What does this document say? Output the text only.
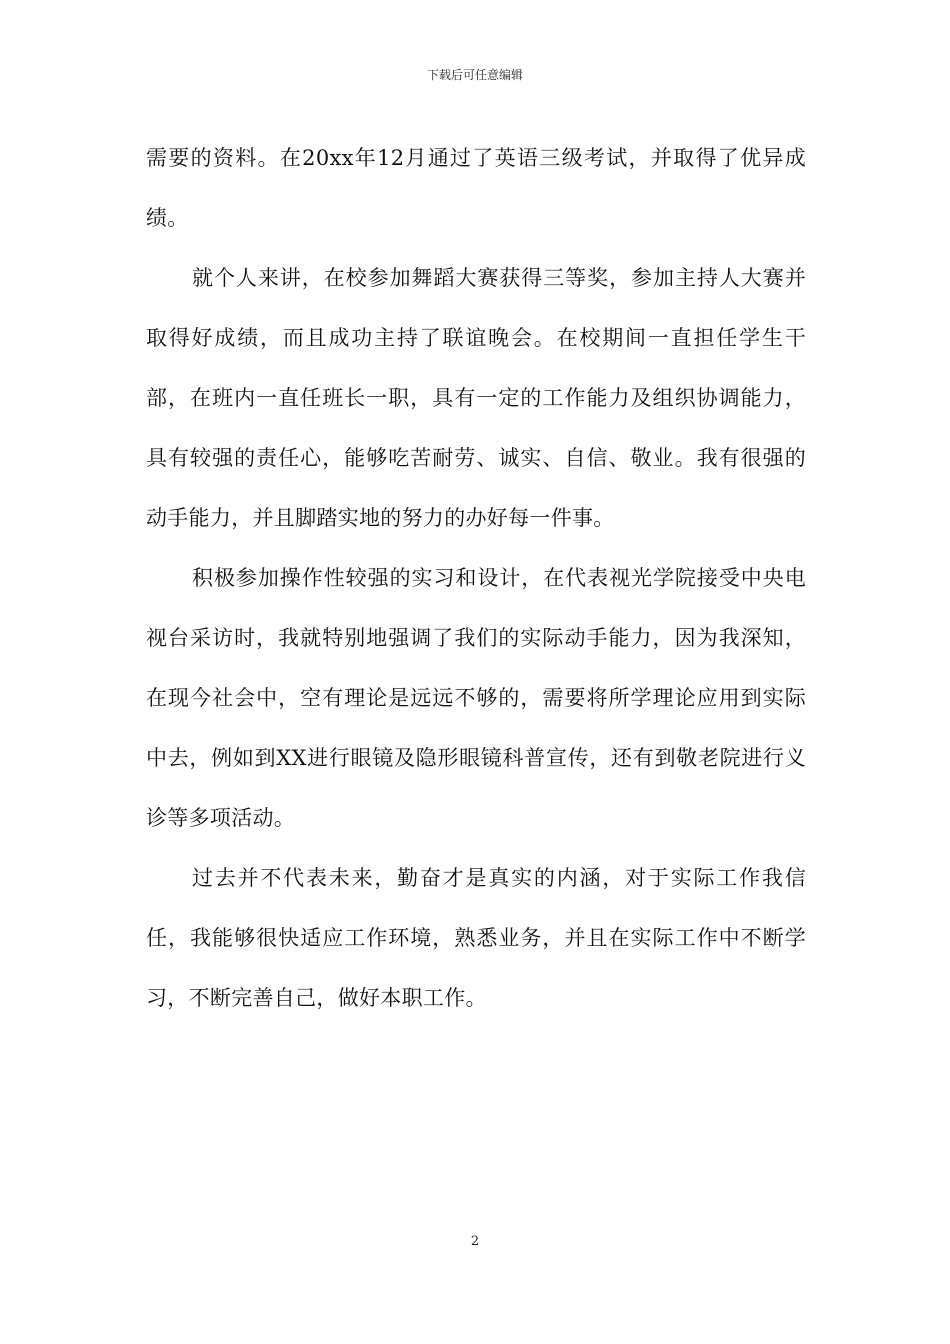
下载后可任意编辑

需要的资料。在20xx年12月通过了英语三级考试，并取得了优异成绩。

就个人来讲，在校参加舞蹈大赛获得三等奖，参加主持人大赛并取得好成绩，而且成功主持了联谊晚会。在校期间一直担任学生干部，在班内一直任班长一职，具有一定的工作能力及组织协调能力，具有较强的责任心，能够吃苦耐劳、诚实、自信、敬业。我有很强的动手能力，并且脚踏实地的努力的办好每一件事。

积极参加操作性较强的实习和设计，在代表视光学院接受中央电视台采访时，我就特别地强调了我们的实际动手能力，因为我深知，在现今社会中，空有理论是远远不够的，需要将所学理论应用到实际中去，例如到XX进行眼镜及隐形眼镜科普宣传，还有到敬老院进行义诊等多项活动。

过去并不代表未来，勤奋才是真实的内涵，对于实际工作我信任，我能够很快适应工作环境，熟悉业务，并且在实际工作中不断学习，不断完善自己，做好本职工作。

2
